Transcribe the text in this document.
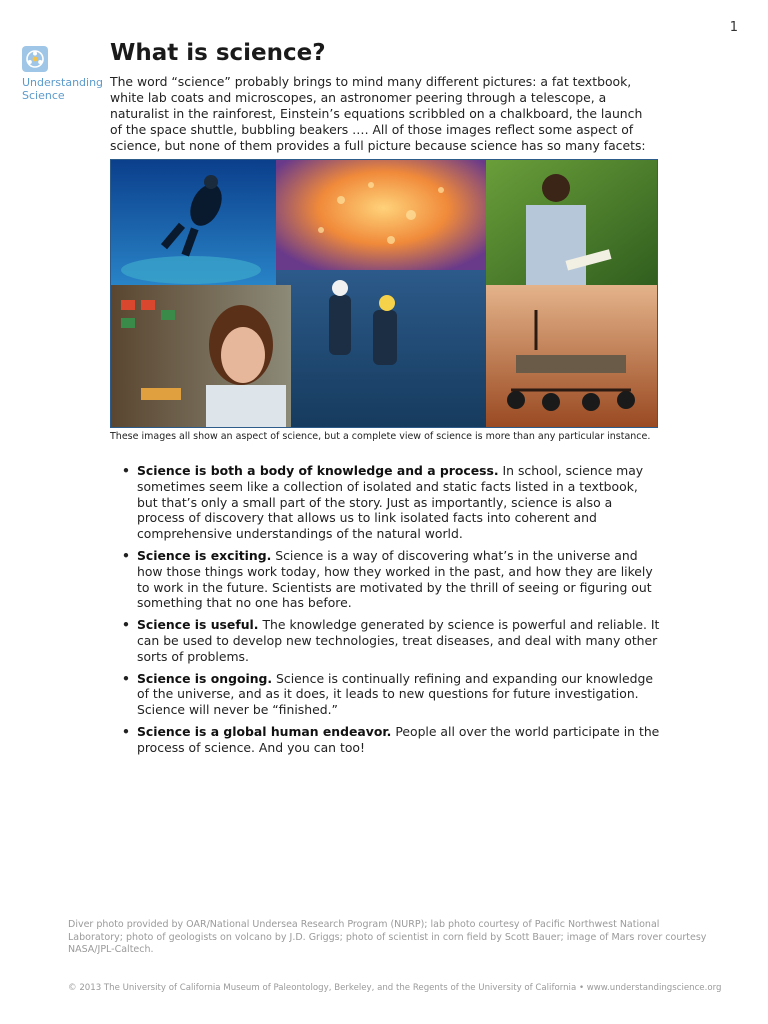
1
Understanding
Science
What is science?

The word “science” probably brings to mind many different pictures: a fat textbook, white lab coats and microscopes, an astronomer peering through a telescope, a naturalist in the rainforest, Einstein’s equations scribbled on a chalkboard, the launch of the space shuttle, bubbling beakers …. All of those images reflect some aspect of science, but none of them provides a full picture because science has so many facets:

These images all show an aspect of science, but a complete view of science is more than any particular instance.

• Science is both a body of knowledge and a process. In school, science may sometimes seem like a collection of isolated and static facts listed in a textbook, but that’s only a small part of the story. Just as importantly, science is also a process of discovery that allows us to link isolated facts into coherent and comprehensive understandings of the natural world.
• Science is exciting. Science is a way of discovering what’s in the universe and how those things work today, how they worked in the past, and how they are likely to work in the future. Scientists are motivated by the thrill of seeing or figuring out something that no one has before.
• Science is useful. The knowledge generated by science is powerful and reliable. It can be used to develop new technologies, treat diseases, and deal with many other sorts of problems.
• Science is ongoing. Science is continually refining and expanding our knowledge of the universe, and as it does, it leads to new questions for future investigation. Science will never be “finished.”
• Science is a global human endeavor. People all over the world participate in the process of science. And you can too!

Diver photo provided by OAR/National Undersea Research Program (NURP); lab photo courtesy of Pacific Northwest National Laboratory; photo of geologists on volcano by J.D. Griggs; photo of scientist in corn field by Scott Bauer; image of Mars rover courtesy NASA/JPL-Caltech.

© 2013 The University of California Museum of Paleontology, Berkeley, and the Regents of the University of California • www.understandingscience.org
